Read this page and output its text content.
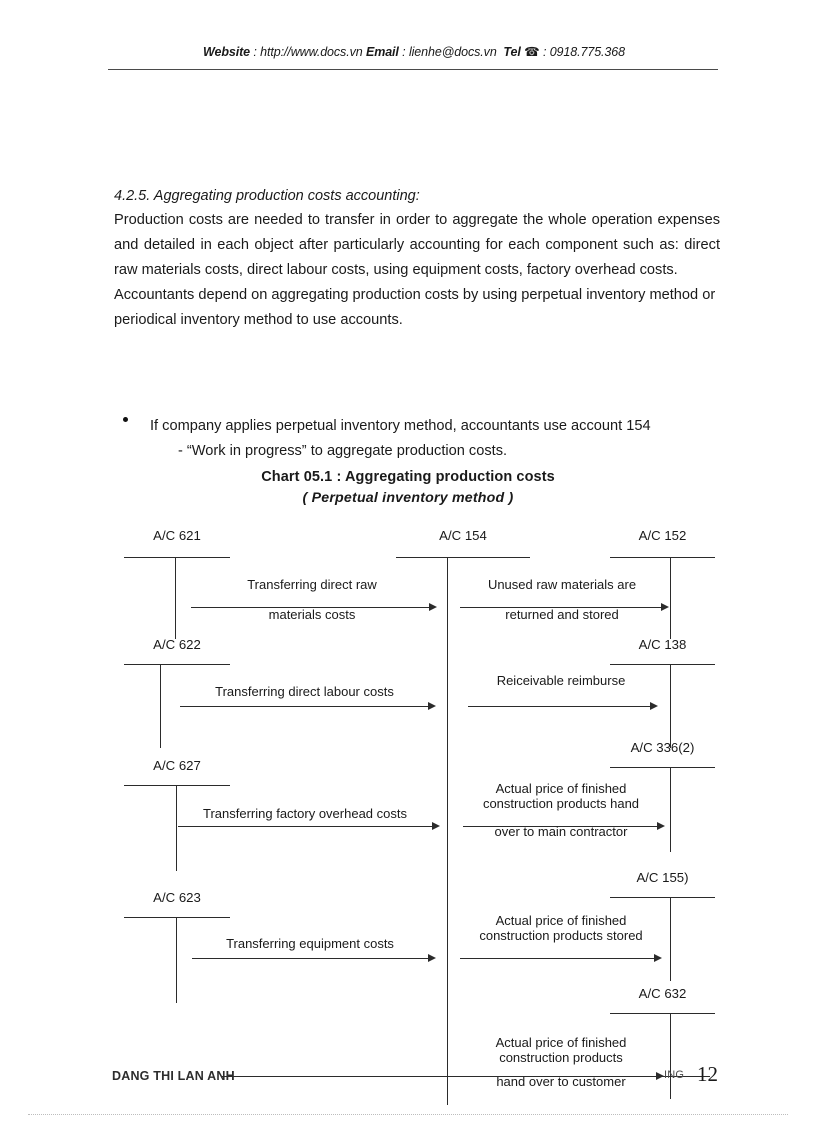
Website : http://www.docs.vn Email : lienhe@docs.vn Tel ☎ : 0918.775.368
4.2.5. Aggregating production costs accounting:

Production costs are needed to transfer in order to aggregate the whole operation expenses and detailed in each object after particularly accounting for each component such as: direct raw materials costs, direct labour costs, using equipment costs, factory overhead costs.

Accountants depend on aggregating production costs by using perpetual inventory method or periodical inventory method to use accounts.

If company applies perpetual inventory method, accountants use account 154
- “Work in progress” to aggregate production costs.
Chart 05.1 : Aggregating production costs
( Perpetual inventory method )
A/C 154
A/C 621	A/C 152
Transferring direct raw
materials costs
Unused raw materials are
returned and stored
A/C 622	A/C 138
Transferring direct labour costs
Reiceivable reimburse
A/C 627
A/C 336(2)
Transferring factory overhead costs
Actual price of finished
construction products hand
over to main contractor
A/C 623
A/C 155)
Transferring equipment costs
Actual price of finished
construction products stored
A/C 632
Actual price of finished
construction products
hand over to customer
DANG THI LAN ANH	ING 12
